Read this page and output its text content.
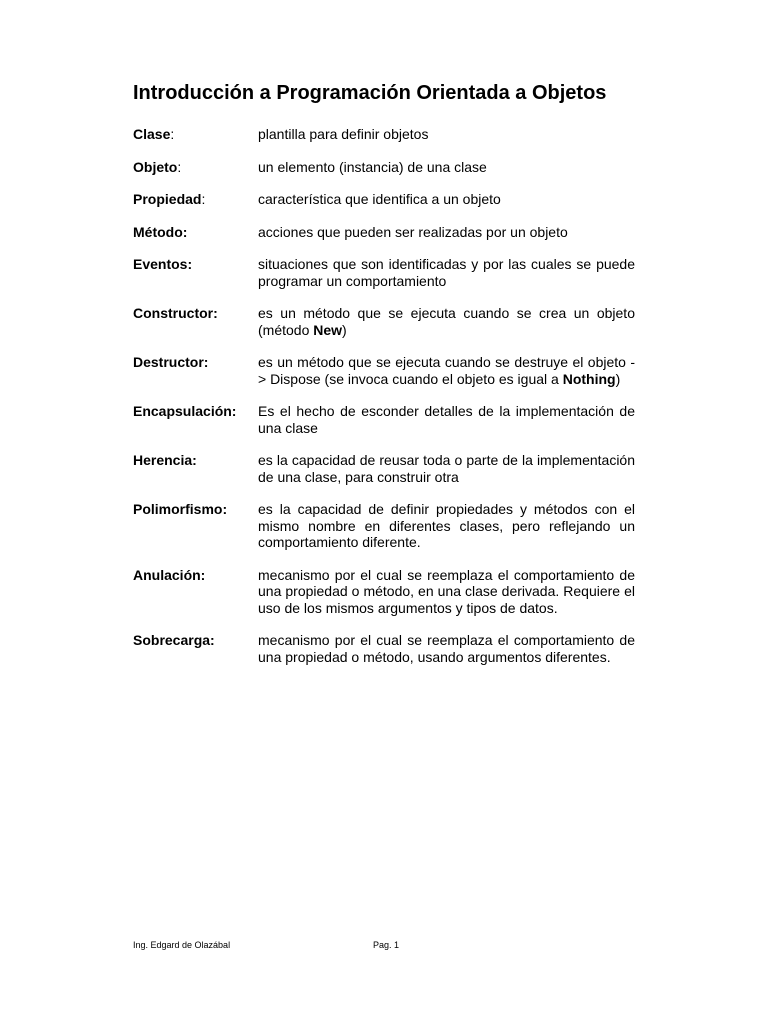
Introducción a Programación Orientada a Objetos
Clase:	plantilla para definir objetos
Objeto:	un elemento (instancia) de una clase
Propiedad:	característica que identifica a un objeto
Método:	acciones que pueden ser realizadas por un objeto
Eventos:	situaciones que son identificadas y por las cuales se puede programar un comportamiento
Constructor:	es un método que se ejecuta cuando se crea un objeto (método New)
Destructor:	es un método que se ejecuta cuando se destruye el objeto -> Dispose (se invoca cuando el objeto es igual a Nothing)
Encapsulación:	Es el hecho de esconder detalles de la implementación de una clase
Herencia:	es la capacidad de reusar toda o parte de la implementación de una clase, para construir otra
Polimorfismo:	es la capacidad de definir propiedades y métodos con el mismo nombre en diferentes clases, pero reflejando un comportamiento diferente.
Anulación:	mecanismo por el cual se reemplaza el comportamiento de una propiedad o método, en una clase derivada. Requiere el uso de los mismos argumentos y tipos de datos.
Sobrecarga:	mecanismo por el cual se reemplaza el comportamiento de una propiedad o método, usando argumentos diferentes.
Ing. Edgard de Olazábal	Pag. 1
